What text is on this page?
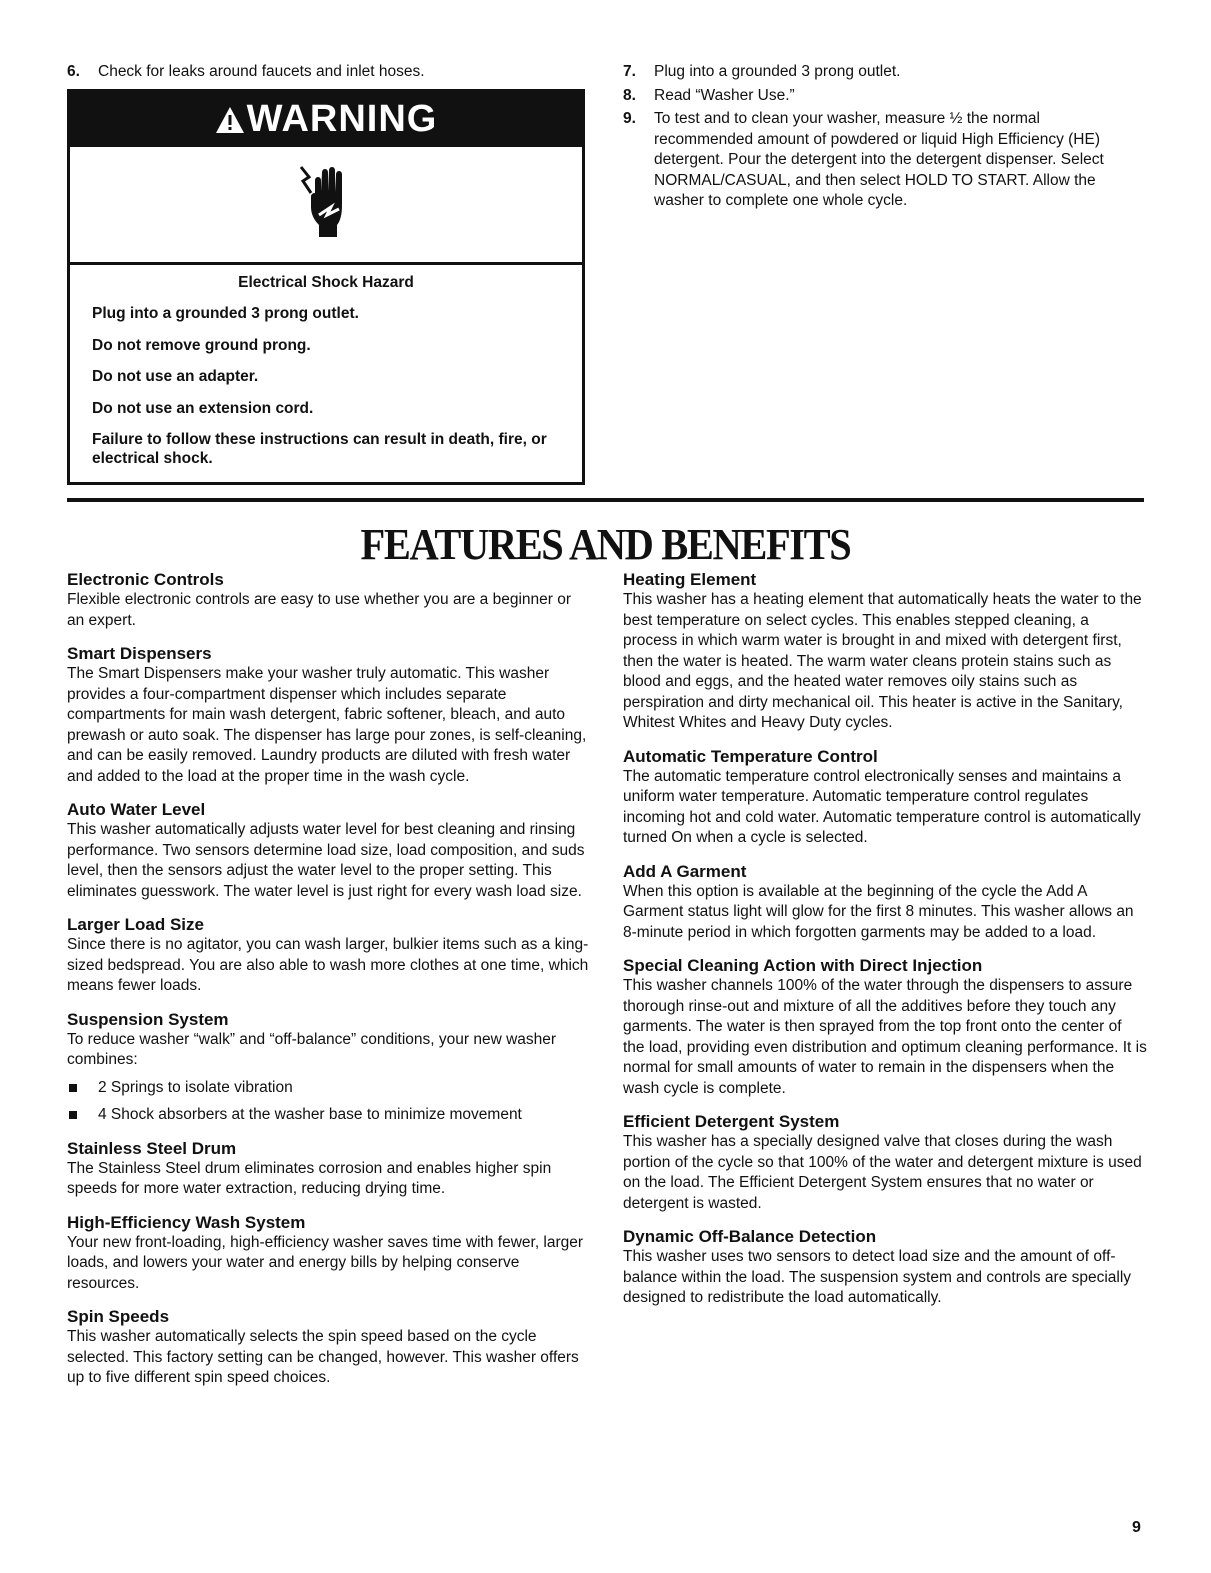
6.	Check for leaks around faucets and inlet hoses.
WARNING
Electrical Shock Hazard

Plug into a grounded 3 prong outlet.

Do not remove ground prong.

Do not use an adapter.

Do not use an extension cord.

Failure to follow these instructions can result in death, fire, or electrical shock.

7.	Plug into a grounded 3 prong outlet.
8.	Read “Washer Use.”
9.	To test and to clean your washer, measure ½ the normal recommended amount of powdered or liquid High Efficiency (HE) detergent. Pour the detergent into the detergent dispenser. Select NORMAL/CASUAL, and then select HOLD TO START. Allow the washer to complete one whole cycle.
FEATURES AND BENEFITS
Electronic Controls

Flexible electronic controls are easy to use whether you are a beginner or an expert.

Smart Dispensers

The Smart Dispensers make your washer truly automatic. This washer provides a four-compartment dispenser which includes separate compartments for main wash detergent, fabric softener, bleach, and auto prewash or auto soak. The dispenser has large pour zones, is self-cleaning, and can be easily removed. Laundry products are diluted with fresh water and added to the load at the proper time in the wash cycle.

Auto Water Level

This washer automatically adjusts water level for best cleaning and rinsing performance. Two sensors determine load size, load composition, and suds level, then the sensors adjust the water level to the proper setting. This eliminates guesswork. The water level is just right for every wash load size.

Larger Load Size

Since there is no agitator, you can wash larger, bulkier items such as a king-sized bedspread. You are also able to wash more clothes at one time, which means fewer loads.

Suspension System

To reduce washer “walk” and “off-balance” conditions, your new washer combines:

2 Springs to isolate vibration
4 Shock absorbers at the washer base to minimize movement
Stainless Steel Drum

The Stainless Steel drum eliminates corrosion and enables higher spin speeds for more water extraction, reducing drying time.

High-Efficiency Wash System

Your new front-loading, high-efficiency washer saves time with fewer, larger loads, and lowers your water and energy bills by helping conserve resources.

Spin Speeds

This washer automatically selects the spin speed based on the cycle selected. This factory setting can be changed, however. This washer offers up to five different spin speed choices.

Heating Element

This washer has a heating element that automatically heats the water to the best temperature on select cycles. This enables stepped cleaning, a process in which warm water is brought in and mixed with detergent first, then the water is heated. The warm water cleans protein stains such as blood and eggs, and the heated water removes oily stains such as perspiration and dirty mechanical oil. This heater is active in the Sanitary, Whitest Whites and Heavy Duty cycles.

Automatic Temperature Control

The automatic temperature control electronically senses and maintains a uniform water temperature. Automatic temperature control regulates incoming hot and cold water. Automatic temperature control is automatically turned On when a cycle is selected.

Add A Garment

When this option is available at the beginning of the cycle the Add A Garment status light will glow for the first 8 minutes. This washer allows an 8-minute period in which forgotten garments may be added to a load.

Special Cleaning Action with Direct Injection

This washer channels 100% of the water through the dispensers to assure thorough rinse-out and mixture of all the additives before they touch any garments. The water is then sprayed from the top front onto the center of the load, providing even distribution and optimum cleaning performance. It is normal for small amounts of water to remain in the dispensers when the wash cycle is complete.

Efficient Detergent System

This washer has a specially designed valve that closes during the wash portion of the cycle so that 100% of the water and detergent mixture is used on the load. The Efficient Detergent System ensures that no water or detergent is wasted.

Dynamic Off-Balance Detection

This washer uses two sensors to detect load size and the amount of off-balance within the load. The suspension system and controls are specially designed to redistribute the load automatically.

9
